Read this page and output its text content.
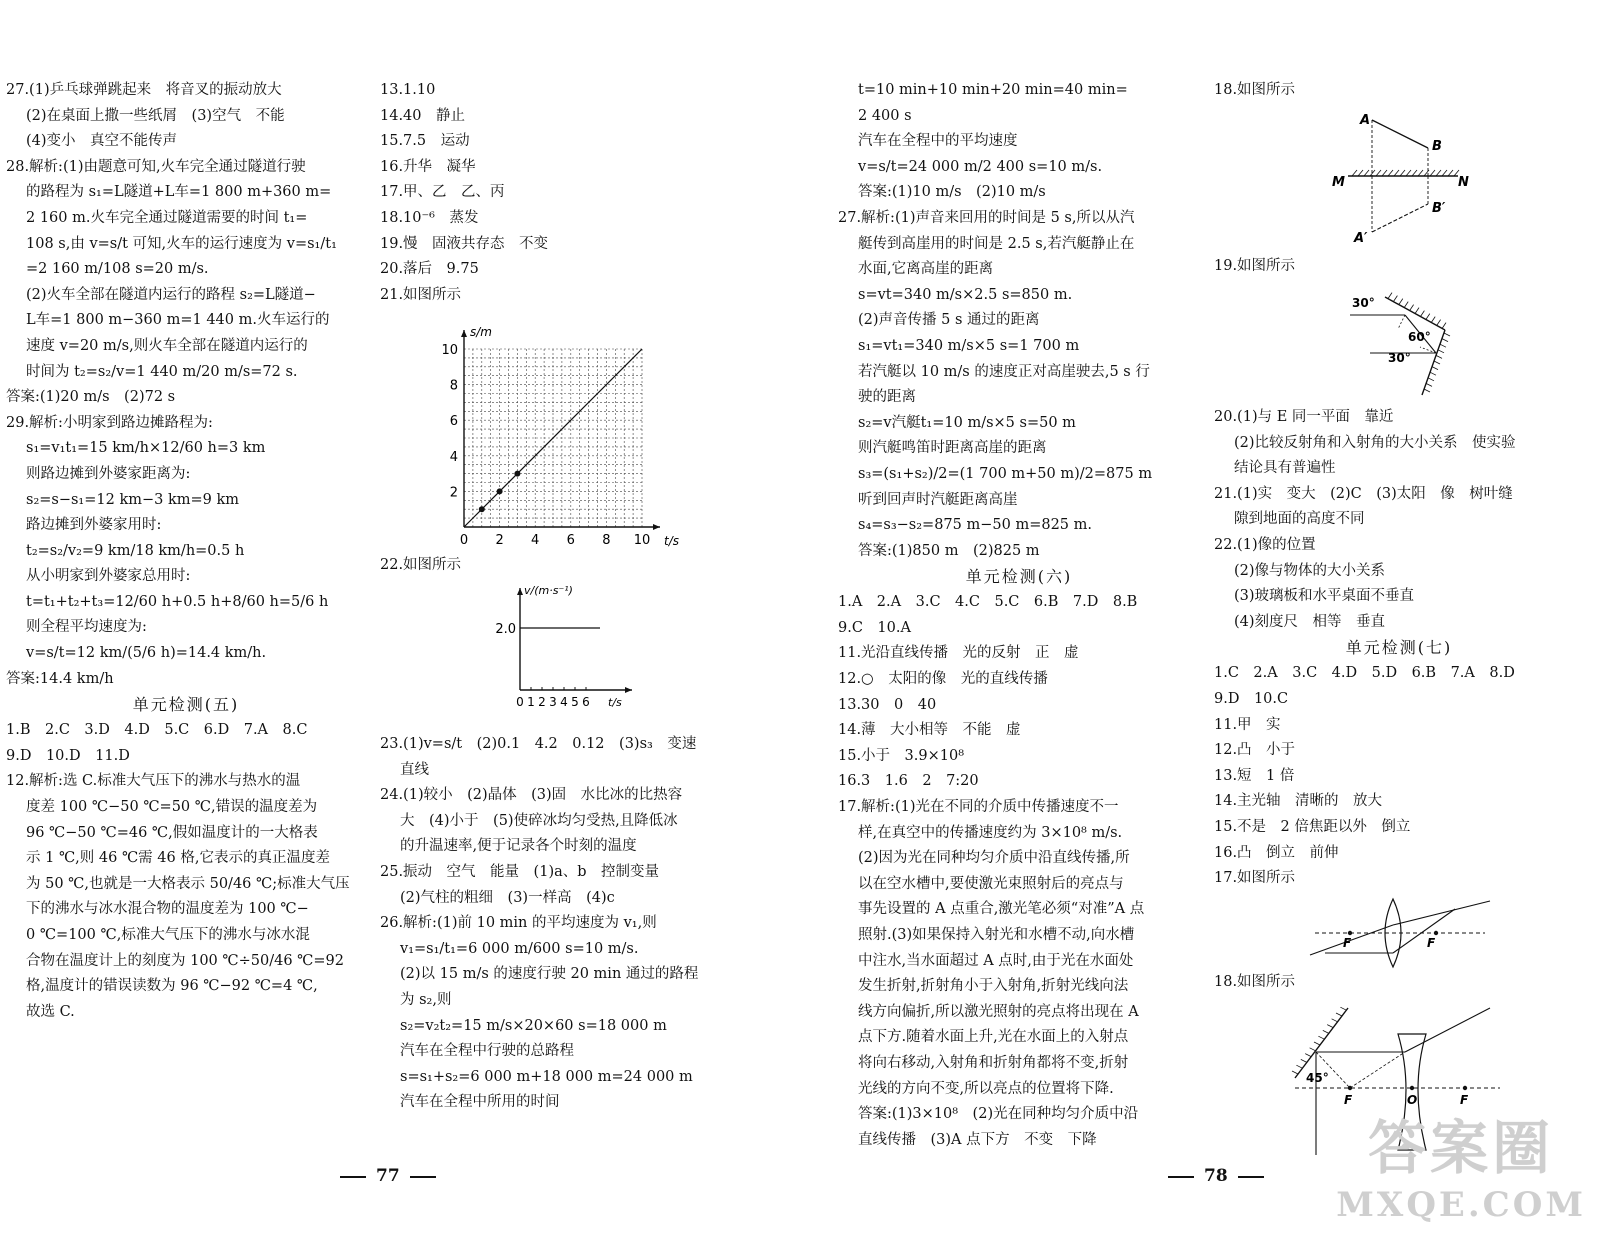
27.(1)乒乓球弹跳起来　将音叉的振动放大
(2)在桌面上撒一些纸屑　(3)空气　不能
(4)变小　真空不能传声
28.解析:(1)由题意可知,火车完全通过隧道行驶
的路程为 s₁=L隧道+L车=1 800 m+360 m=
2 160 m.火车完全通过隧道需要的时间 t₁=
108 s,由 v=s/t 可知,火车的运行速度为 v=s₁/t₁
=2 160 m/108 s=20 m/s.
(2)火车全部在隧道内运行的路程 s₂=L隧道−
L车=1 800 m−360 m=1 440 m.火车运行的
速度 v=20 m/s,则火车全部在隧道内运行的
时间为 t₂=s₂/v=1 440 m/20 m/s=72 s.
答案:(1)20 m/s　(2)72 s
29.解析:小明家到路边摊路程为:
s₁=v₁t₁=15 km/h×12/60 h=3 km
则路边摊到外婆家距离为:
s₂=s−s₁=12 km−3 km=9 km
路边摊到外婆家用时:
t₂=s₂/v₂=9 km/18 km/h=0.5 h
从小明家到外婆家总用时:
t=t₁+t₂+t₃=12/60 h+0.5 h+8/60 h=5/6 h
则全程平均速度为:
v=s/t=12 km/(5/6 h)=14.4 km/h.
答案:14.4 km/h
单元检测(五)
1.B　2.C　3.D　4.D　5.C　6.D　7.A　8.C
9.D　10.D　11.D
12.解析:选 C.标准大气压下的沸水与热水的温
度差 100 ℃−50 ℃=50 ℃,错误的温度差为
96 ℃−50 ℃=46 ℃,假如温度计的一大格表
示 1 ℃,则 46 ℃需 46 格,它表示的真正温度差
为 50 ℃,也就是一大格表示 50/46 ℃;标准大气压
下的沸水与冰水混合物的温度差为 100 ℃−
0 ℃=100 ℃,标准大气压下的沸水与冰水混
合物在温度计上的刻度为 100 ℃÷50/46 ℃=92
格,温度计的错误读数为 96 ℃−92 ℃=4 ℃,
故选 C.
13.1.10
14.40　静止
15.7.5　运动
16.升华　凝华
17.甲、乙　乙、丙
18.10⁻⁶　蒸发
19.慢　固液共存态　不变
20.落后　9.75
21.如图所示
0 2 4 6 8 10
2
4
6
8
10
s/m
t/s
22.如图所示
2.0
0 1 2 3 4 5 6
v/(m·s⁻¹)
t/s
23.(1)v=s/t　(2)0.1　4.2　0.12　(3)s₃　变速
直线
24.(1)较小　(2)晶体　(3)固　水比冰的比热容
大　(4)小于　(5)使碎冰均匀受热,且降低冰
的升温速率,便于记录各个时刻的温度
25.振动　空气　能量　(1)a、b　控制变量
(2)气柱的粗细　(3)一样高　(4)c
26.解析:(1)前 10 min 的平均速度为 v₁,则
v₁=s₁/t₁=6 000 m/600 s=10 m/s.
(2)以 15 m/s 的速度行驶 20 min 通过的路程
为 s₂,则
s₂=v₂t₂=15 m/s×20×60 s=18 000 m
汽车在全程中行驶的总路程
s=s₁+s₂=6 000 m+18 000 m=24 000 m
汽车在全程中所用的时间
77
t=10 min+10 min+20 min=40 min=
2 400 s
汽车在全程中的平均速度
v=s/t=24 000 m/2 400 s=10 m/s.
答案:(1)10 m/s　(2)10 m/s
27.解析:(1)声音来回用的时间是 5 s,所以从汽
艇传到高崖用的时间是 2.5 s,若汽艇静止在
水面,它离高崖的距离
s=vt=340 m/s×2.5 s=850 m.
(2)声音传播 5 s 通过的距离
s₁=vt₁=340 m/s×5 s=1 700 m
若汽艇以 10 m/s 的速度正对高崖驶去,5 s 行
驶的距离
s₂=v汽艇t₁=10 m/s×5 s=50 m
则汽艇鸣笛时距离高崖的距离
s₃=(s₁+s₂)/2=(1 700 m+50 m)/2=875 m
听到回声时汽艇距离高崖
s₄=s₃−s₂=875 m−50 m=825 m.
答案:(1)850 m　(2)825 m
单元检测(六)
1.A　2.A　3.C　4.C　5.C　6.B　7.D　8.B
9.C　10.A
11.光沿直线传播　光的反射　正　虚
12.○　太阳的像　光的直线传播
13.30　0　40
14.薄　大小相等　不能　虚
15.小于　3.9×10⁸
16.3　1.6　2　7:20
17.解析:(1)光在不同的介质中传播速度不一
样,在真空中的传播速度约为 3×10⁸ m/s.
(2)因为光在同种均匀介质中沿直线传播,所
以在空水槽中,要使激光束照射后的亮点与
事先设置的 A 点重合,激光笔必须“对准”A 点
照射.(3)如果保持入射光和水槽不动,向水槽
中注水,当水面超过 A 点时,由于光在水面处
发生折射,折射角小于入射角,折射光线向法
线方向偏折,所以激光照射的亮点将出现在 A
点下方.随着水面上升,光在水面上的入射点
将向右移动,入射角和折射角都将不变,折射
光线的方向不变,所以亮点的位置将下降.
答案:(1)3×10⁸　(2)光在同种均匀介质中沿
直线传播　(3)A 点下方　不变　下降
18.如图所示
A
B
M	N
A′
B′
19.如图所示
30°
60°
30°
20.(1)与 E 同一平面　靠近
(2)比较反射角和入射角的大小关系　使实验
结论具有普遍性
21.(1)实　变大　(2)C　(3)太阳　像　树叶缝
隙到地面的高度不同
22.(1)像的位置
(2)像与物体的大小关系
(3)玻璃板和水平桌面不垂直
(4)刻度尺　相等　垂直
单元检测(七)
1.C　2.A　3.C　4.D　5.D　6.B　7.A　8.D
9.D　10.C
11.甲　实
12.凸　小于
13.短　1 倍
14.主光轴　清晰的　放大
15.不是　2 倍焦距以外　倒立
16.凸　倒立　前伸
17.如图所示
F	F
18.如图所示
45°
F	O	F
78	答案圈
MXQE.COM
